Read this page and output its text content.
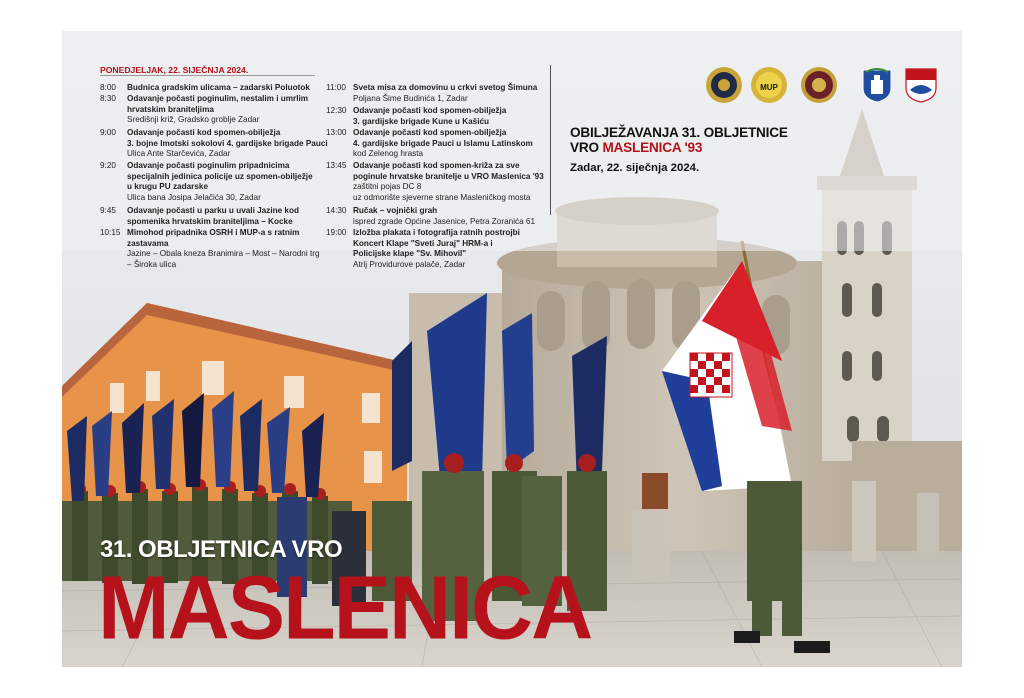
PONEDJELJAK, 22. SIJEČNJA 2024.
8:00 Budnica gradskim ulicama – zadarski Poluotok
8:30 Odavanje počasti poginulim, nestalim i umrlim
hrvatskim braniteljima
Središnji križ, Gradsko groblje Zadar
9:00 Odavanje počasti kod spomen-obilježja
3. bojne Imotski sokolovi 4. gardijske brigade Pauci
Ulica Ante Starčevića, Zadar
9:20 Odavanje počasti poginulim pripadnicima
specijalnih jedinica policije uz spomen-obilježje
u krugu PU zadarske
Ulica bana Josipa Jelačića 30, Zadar
9:45 Odavanje počasti u parku u uvali Jazine kod
spomenika hrvatskim braniteljima – Kocke
10:15 Mimohod pripadnika OSRH i MUP-a s ratnim
zastavama
Jazine – Obala kneza Branimira – Most – Narodni trg
– Široka ulica
11:00 Sveta misa za domovinu u crkvi svetog Šimuna
Poljana Šime Budinića 1, Zadar
12:30 Odavanje počasti kod spomen-obilježja
3. gardijske brigade Kune u Kašiću
13:00 Odavanje počasti kod spomen-obilježja
4. gardijske brigade Pauci u Islamu Latinskom
kod Zelenog hrasta
13:45 Odavanje počasti kod spomen-križa za sve
poginule hrvatske branitelje u VRO Maslenica '93
zaštitni pojas DC 8
uz odmorište sjeverne strane Masleničkog mosta
14:30 Ručak – vojnički grah
ispred zgrade Općine Jasenice, Petra Zoranića 61
19:00 Izložba plakata i fotografija ratnih postrojbi
Koncert Klape "Sveti Juraj" HRM-a i
Policijske klape "Sv. Mihovil"
Atrij Providurove palače, Zadar
MUP
OBILJEŽAVANJA 31. OBLJETNICE
VRO MASLENICA '93
Zadar, 22. siječnja 2024.
31. OBLJETNICA VRO
MASLENICA
